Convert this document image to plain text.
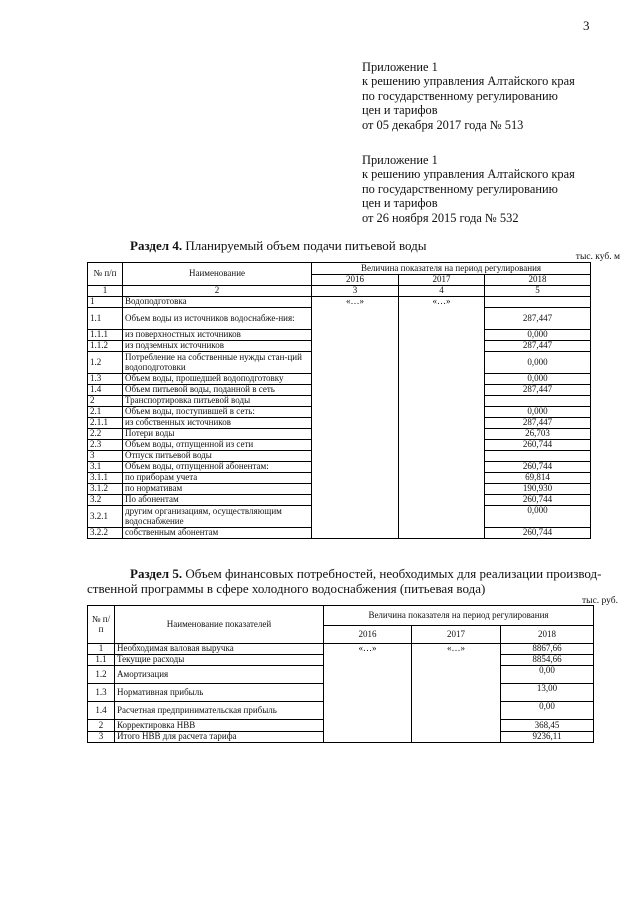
3
Приложение 1
к решению управления Алтайского края
по государственному регулированию
цен и тарифов
от 05 декабря 2017 года № 513
Приложение 1
к решению управления Алтайского края
по государственному регулированию
цен и тарифов
от 26 ноября 2015 года № 532
Раздел 4. Планируемый объем подачи питьевой воды
тыс. куб. м
№ п/п	Наименование	Величина показателя на период регулирования		
		2016	2017	2018
1	2	3	4	5
1	Водоподготовка	«…»	«…»	
1.1	Объем воды из источников водоснабже-ния:			287,447
1.1.1	из поверхностных источников			0,000
1.1.2	из подземных источников			287,447
1.2	Потребление на собственные нужды стан-ций водоподготовки			0,000
1.3	Объем воды, прошедшей водоподготовку			0,000
1.4	Объем питьевой воды, поданной в сеть			287,447
2	Транспортировка питьевой воды			
2.1	Объем воды, поступившей в сеть:			0,000
2.1.1	из собственных источников			287,447
2.2	Потери воды			26,703
2.3	Объем воды, отпущенной из сети			260,744
3	Отпуск питьевой воды			
3.1	Объем воды, отпущенной абонентам:			260,744
3.1.1	по приборам учета			69,814
3.1.2	по нормативам			190,930
3.2	По абонентам			260,744
3.2.1	другим организациям, осуществляющим водоснабжение			0,000
3.2.2	собственным абонентам			260,744
Раздел 5. Объем финансовых потребностей, необходимых для реализации производ-
ственной программы в сфере холодного водоснабжения (питьевая вода)
тыс. руб.
№ п/ п	Наименование показателей	Величина показателя на период регулирования		
		2016	2017	2018
1	Необходимая валовая выручка	«…»	«…»	8867,66
1.1	Текущие расходы			8854,66
1.2	Амортизация			0,00
1.3	Нормативная прибыль			13,00
1.4	Расчетная предпринимательская прибыль			0,00
2	Корректировка НВВ			368,45
3	Итого НВВ для расчета тарифа			9236,11
